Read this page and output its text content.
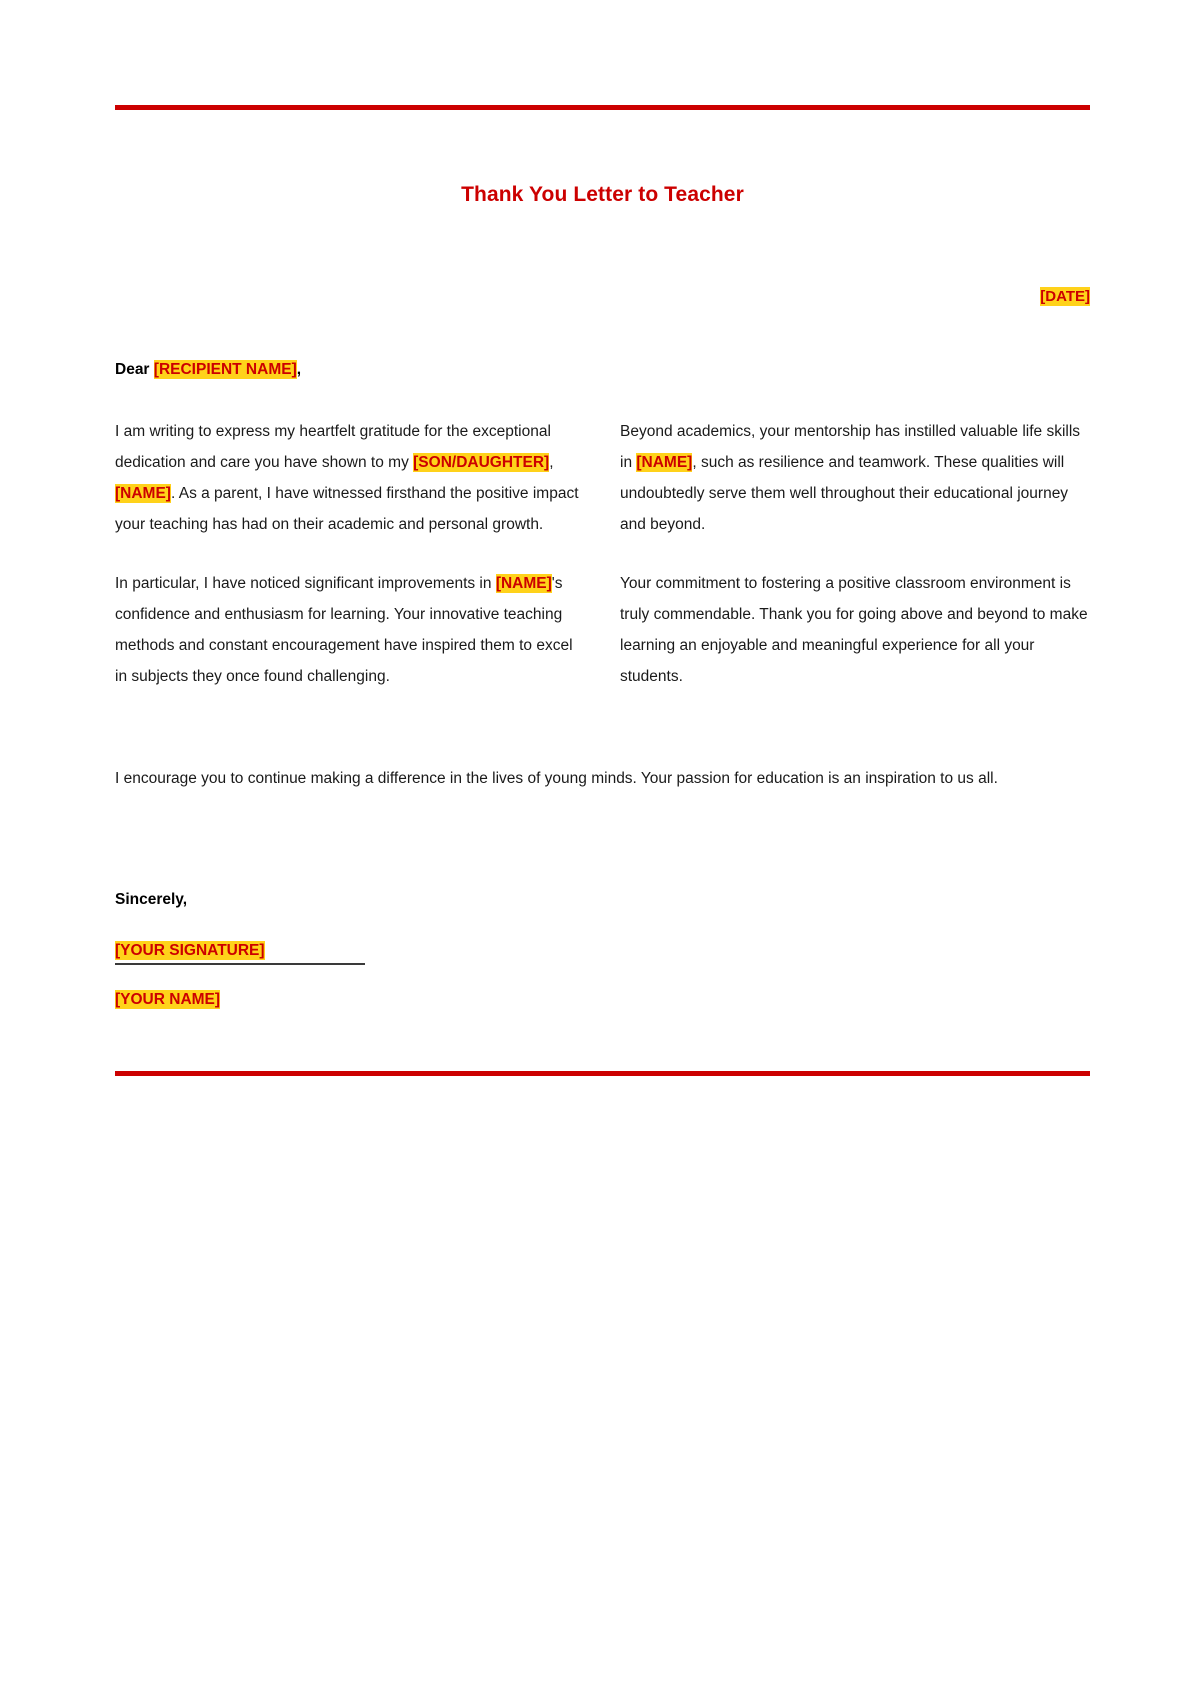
Thank You Letter to Teacher
[DATE]
Dear [RECIPIENT NAME],

I am writing to express my heartfelt gratitude for the exceptional dedication and care you have shown to my [SON/DAUGHTER], [NAME]. As a parent, I have witnessed firsthand the positive impact your teaching has had on their academic and personal growth.

In particular, I have noticed significant improvements in [NAME]'s confidence and enthusiasm for learning. Your innovative teaching methods and constant encouragement have inspired them to excel in subjects they once found challenging.

Beyond academics, your mentorship has instilled valuable life skills in [NAME], such as resilience and teamwork. These qualities will undoubtedly serve them well throughout their educational journey and beyond.

Your commitment to fostering a positive classroom environment is truly commendable. Thank you for going above and beyond to make learning an enjoyable and meaningful experience for all your students.

I encourage you to continue making a difference in the lives of young minds. Your passion for education is an inspiration to us all.

Sincerely,
[YOUR SIGNATURE]
[YOUR NAME]
